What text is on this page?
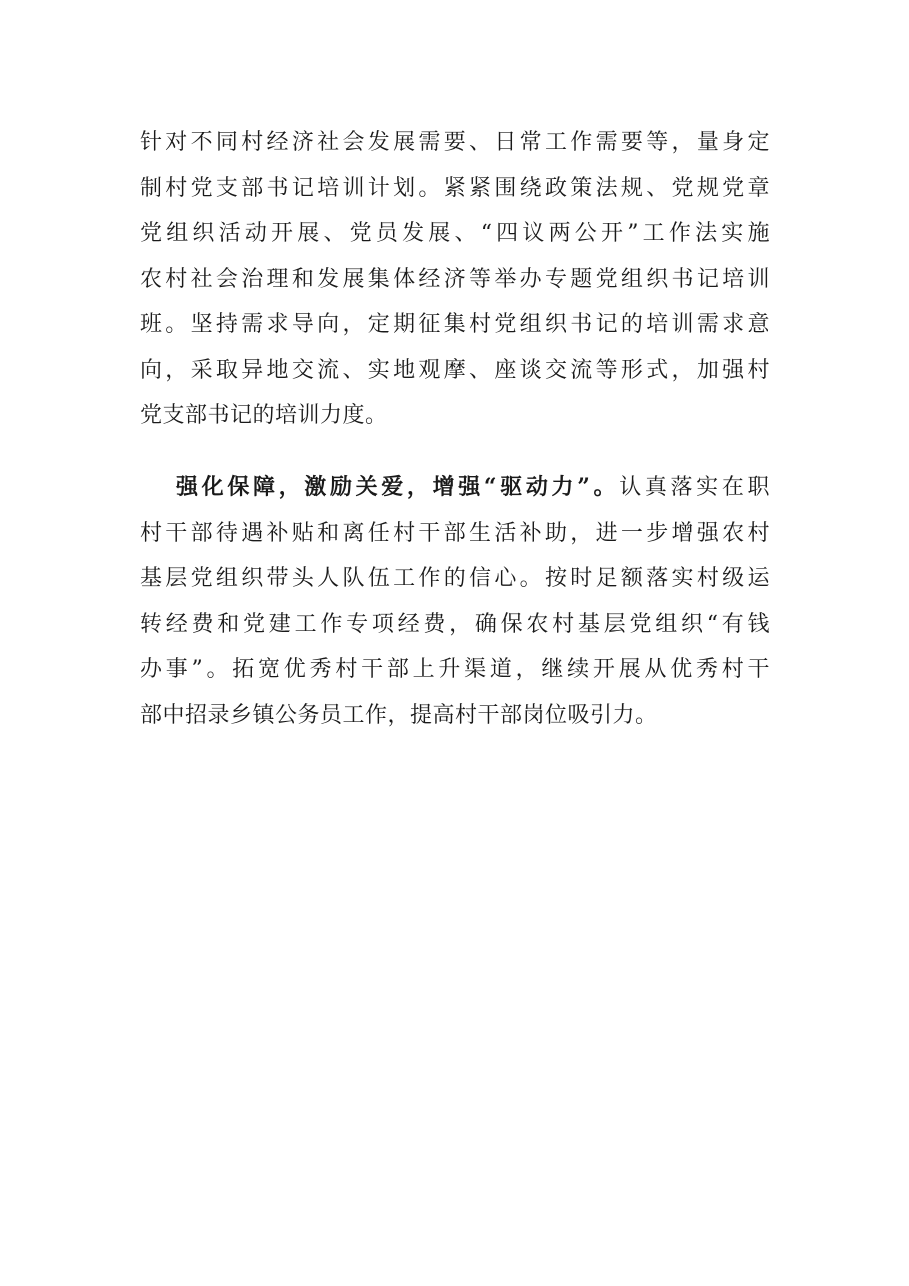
针对不同村经济社会发展需要、日常工作需要等，量身定
制村党支部书记培训计划。紧紧围绕政策法规、党规党章
党组织活动开展、党员发展、“四议两公开”工作法实施
农村社会治理和发展集体经济等举办专题党组织书记培训
班。坚持需求导向，定期征集村党组织书记的培训需求意
向，采取异地交流、实地观摩、座谈交流等形式，加强村
党支部书记的培训力度。
强化保障，激励关爱，增强“驱动力”。认真落实在职
村干部待遇补贴和离任村干部生活补助，进一步增强农村
基层党组织带头人队伍工作的信心。按时足额落实村级运
转经费和党建工作专项经费，确保农村基层党组织“有钱
办事”。拓宽优秀村干部上升渠道，继续开展从优秀村干
部中招录乡镇公务员工作，提高村干部岗位吸引力。
